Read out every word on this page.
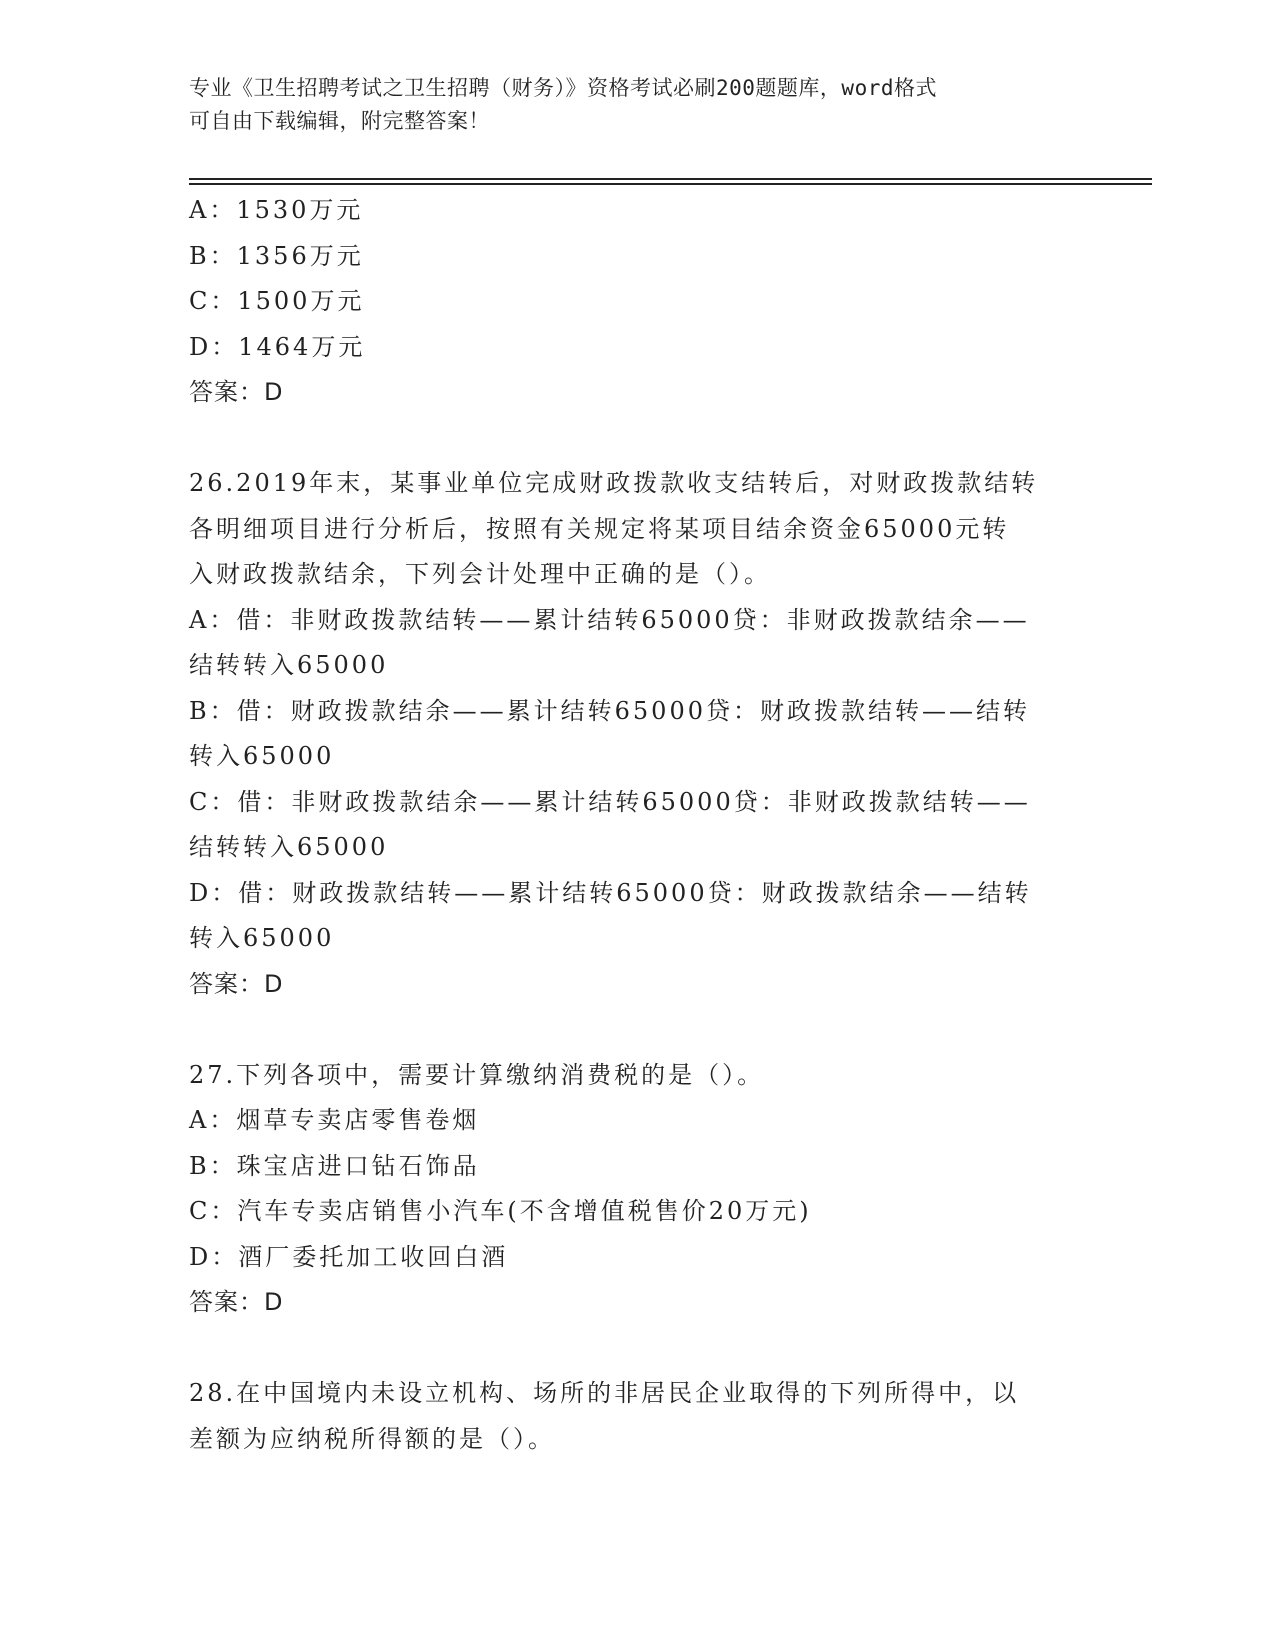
专业《卫生招聘考试之卫生招聘（财务）》资格考试必刷200题题库，word格式
可自由下载编辑，附完整答案！
A：1530万元
B：1356万元
C：1500万元
D：1464万元
答案：D
26.2019年末，某事业单位完成财政拨款收支结转后，对财政拨款结转
各明细项目进行分析后，按照有关规定将某项目结余资金65000元转
入财政拨款结余，下列会计处理中正确的是（）。
A：借：非财政拨款结转——累计结转65000贷：非财政拨款结余——
结转转入65000
B：借：财政拨款结余——累计结转65000贷：财政拨款结转——结转
转入65000
C：借：非财政拨款结余——累计结转65000贷：非财政拨款结转——
结转转入65000
D：借：财政拨款结转——累计结转65000贷：财政拨款结余——结转
转入65000
答案：D
27.下列各项中，需要计算缴纳消费税的是（）。
A：烟草专卖店零售卷烟
B：珠宝店进口钻石饰品
C：汽车专卖店销售小汽车(不含增值税售价20万元)
D：酒厂委托加工收回白酒
答案：D
28.在中国境内未设立机构、场所的非居民企业取得的下列所得中，以
差额为应纳税所得额的是（）。
